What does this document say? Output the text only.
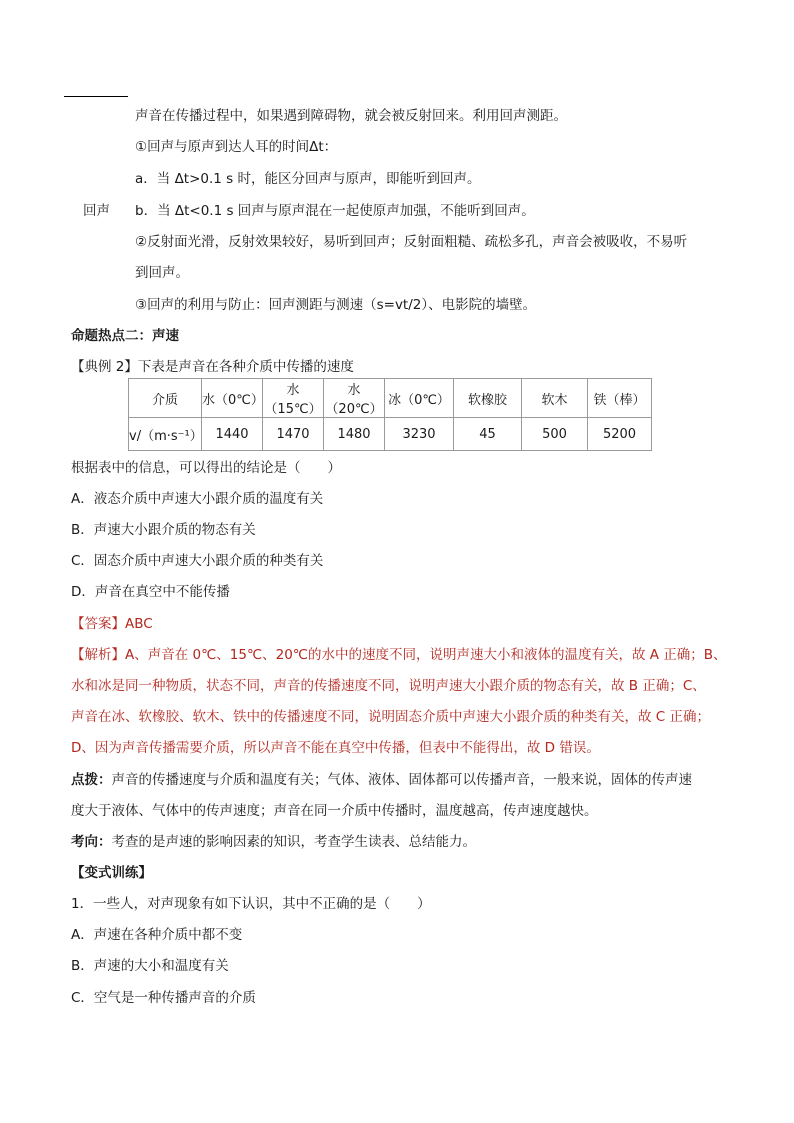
回声
声音在传播过程中，如果遇到障碍物，就会被反射回来。利用回声测距。
①回声与原声到达人耳的时间Δt：
a．当 Δt>0.1 s 时，能区分回声与原声，即能听到回声。
b．当 Δt<0.1 s 回声与原声混在一起使原声加强，不能听到回声。
②反射面光滑，反射效果较好，易听到回声；反射面粗糙、疏松多孔，声音会被吸收，不易听
到回声。
③回声的利用与防止：回声测距与测速（s=vt/2）、电影院的墙壁。
命题热点二：声速
【典例 2】下表是声音在各种介质中传播的速度
介质	水（0℃）	水（15℃）	水（20℃）	冰（0℃）	软橡胶	软木	铁（棒）
v/（m·s⁻¹）	1440	1470	1480	3230	45	500	5200
根据表中的信息，可以得出的结论是（　　）
A．液态介质中声速大小跟介质的温度有关
B．声速大小跟介质的物态有关
C．固态介质中声速大小跟介质的种类有关
D．声音在真空中不能传播
【答案】ABC
【解析】A、声音在 0℃、15℃、20℃的水中的速度不同，说明声速大小和液体的温度有关，故 A 正确；B、
水和冰是同一种物质，状态不同，声音的传播速度不同，说明声速大小跟介质的物态有关，故 B 正确；C、
声音在冰、软橡胶、软木、铁中的传播速度不同，说明固态介质中声速大小跟介质的种类有关，故 C 正确；
D、因为声音传播需要介质，所以声音不能在真空中传播，但表中不能得出，故 D 错误。
点拨：声音的传播速度与介质和温度有关；气体、液体、固体都可以传播声音，一般来说，固体的传声速
度大于液体、气体中的传声速度；声音在同一介质中传播时，温度越高，传声速度越快。
考向：考查的是声速的影响因素的知识，考查学生读表、总结能力。
【变式训练】
1．一些人，对声现象有如下认识，其中不正确的是（　　）
A．声速在各种介质中都不变
B．声速的大小和温度有关
C．空气是一种传播声音的介质
